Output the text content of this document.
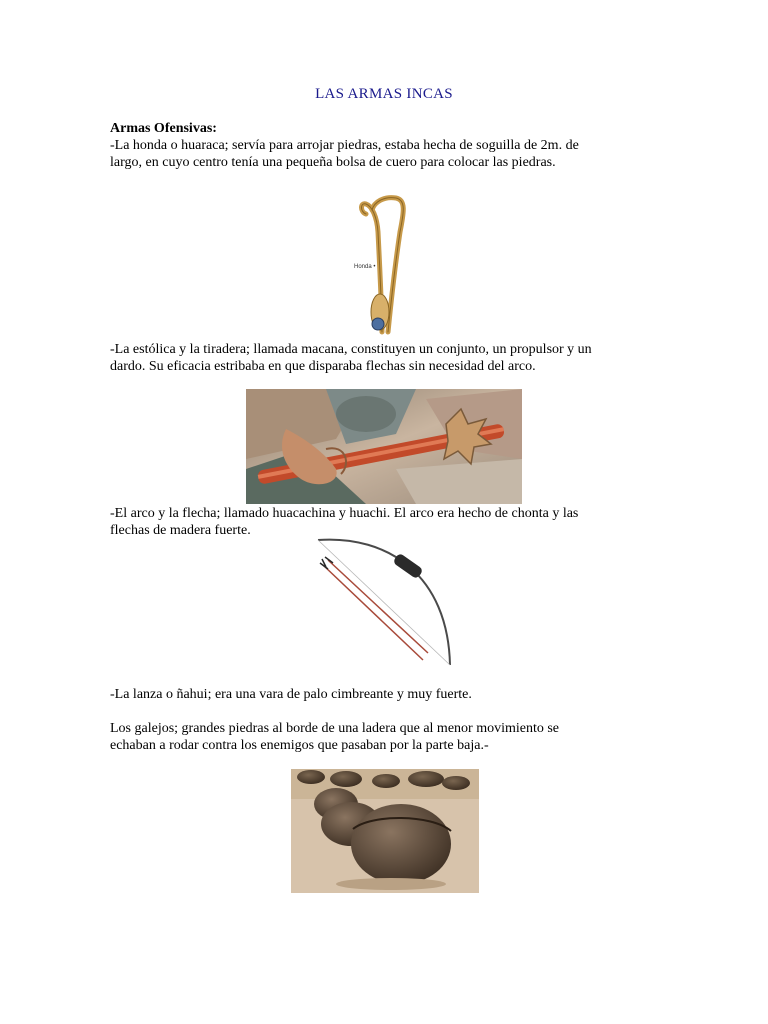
LAS ARMAS INCAS
Armas Ofensivas:
-La honda o huaraca; servía para arrojar piedras, estaba hecha de soguilla de 2m. de
largo, en cuyo centro tenía una pequeña bolsa de cuero para colocar las piedras.
Honda •
-La estólica y la tiradera; llamada macana, constituyen un conjunto, un propulsor y un
dardo. Su eficacia estribaba en que disparaba flechas sin necesidad del arco.
-El arco y la flecha; llamado huacachina y huachi. El arco era hecho de chonta y las
flechas de madera fuerte.
-La lanza o ñahui; era una vara de palo cimbreante y muy fuerte.
Los galejos; grandes piedras al borde de una ladera que al menor movimiento se
echaban a rodar contra los enemigos que pasaban por la parte baja.-
